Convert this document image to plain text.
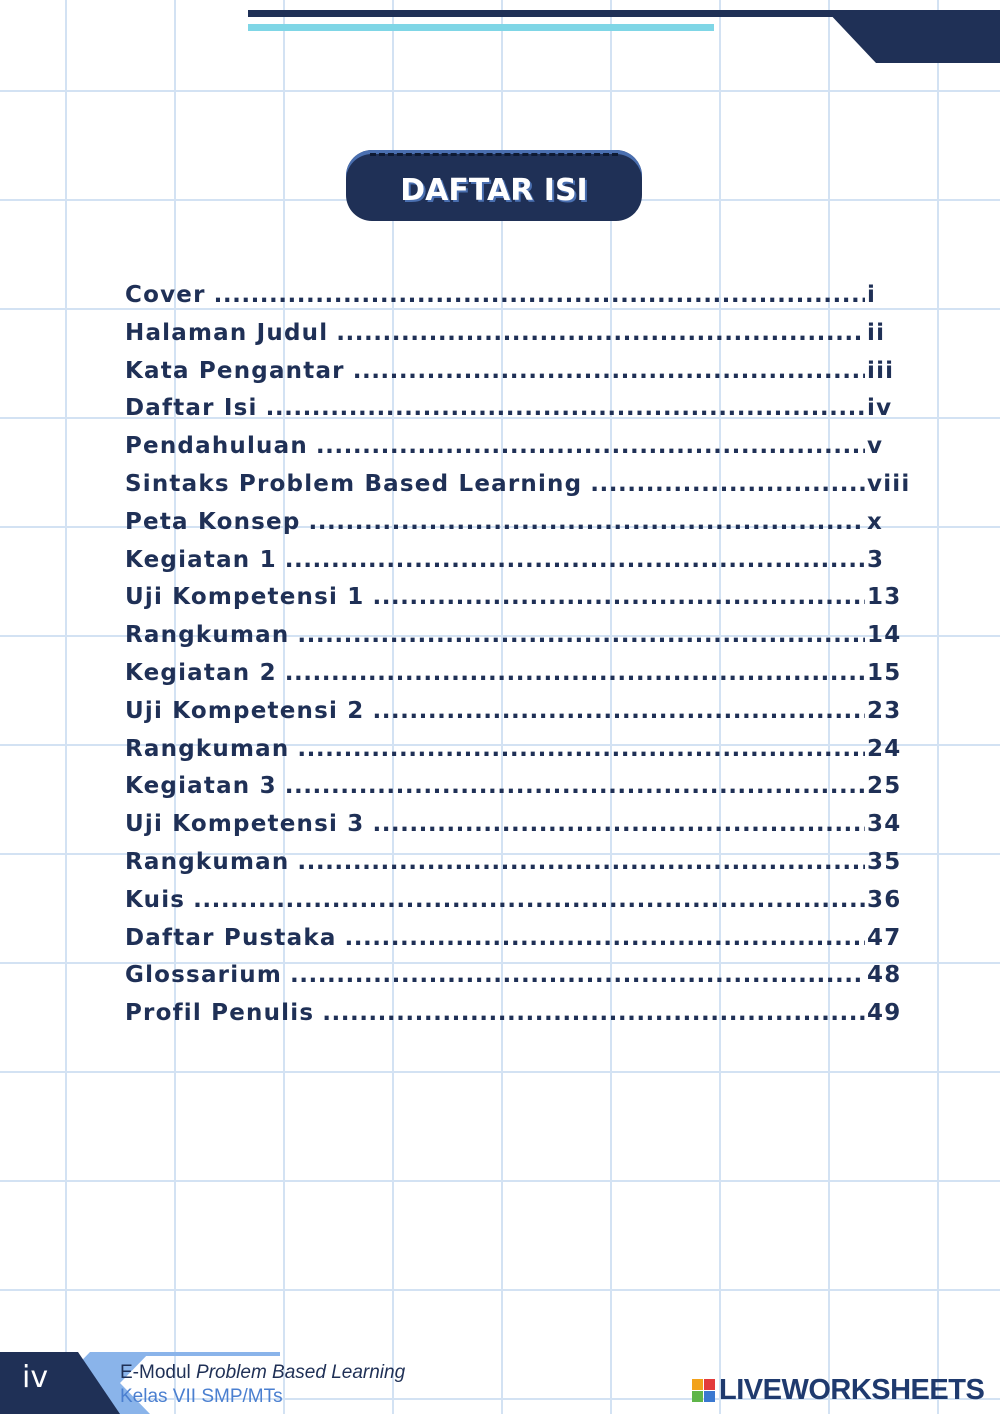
DAFTAR ISI
Cover .....	i
Halaman Judul .....	ii
Kata Pengantar .....	iii
Daftar Isi .....	iv
Pendahuluan .....	v
Sintaks Problem Based Learning .....	viii
Peta Konsep .....	x
Kegiatan 1 .....	3
Uji Kompetensi 1 .....	13
Rangkuman .....	14
Kegiatan 2 .....	15
Uji Kompetensi 2 .....	23
Rangkuman .....	24
Kegiatan 3 .....	25
Uji Kompetensi 3 .....	34
Rangkuman .....	35
Kuis .....	36
Daftar Pustaka .....	47
Glossarium .....	48
Profil Penulis .....	49
iv	E-Modul Problem Based Learning
Kelas VII SMP/MTs	LIVEWORKSHEETS
